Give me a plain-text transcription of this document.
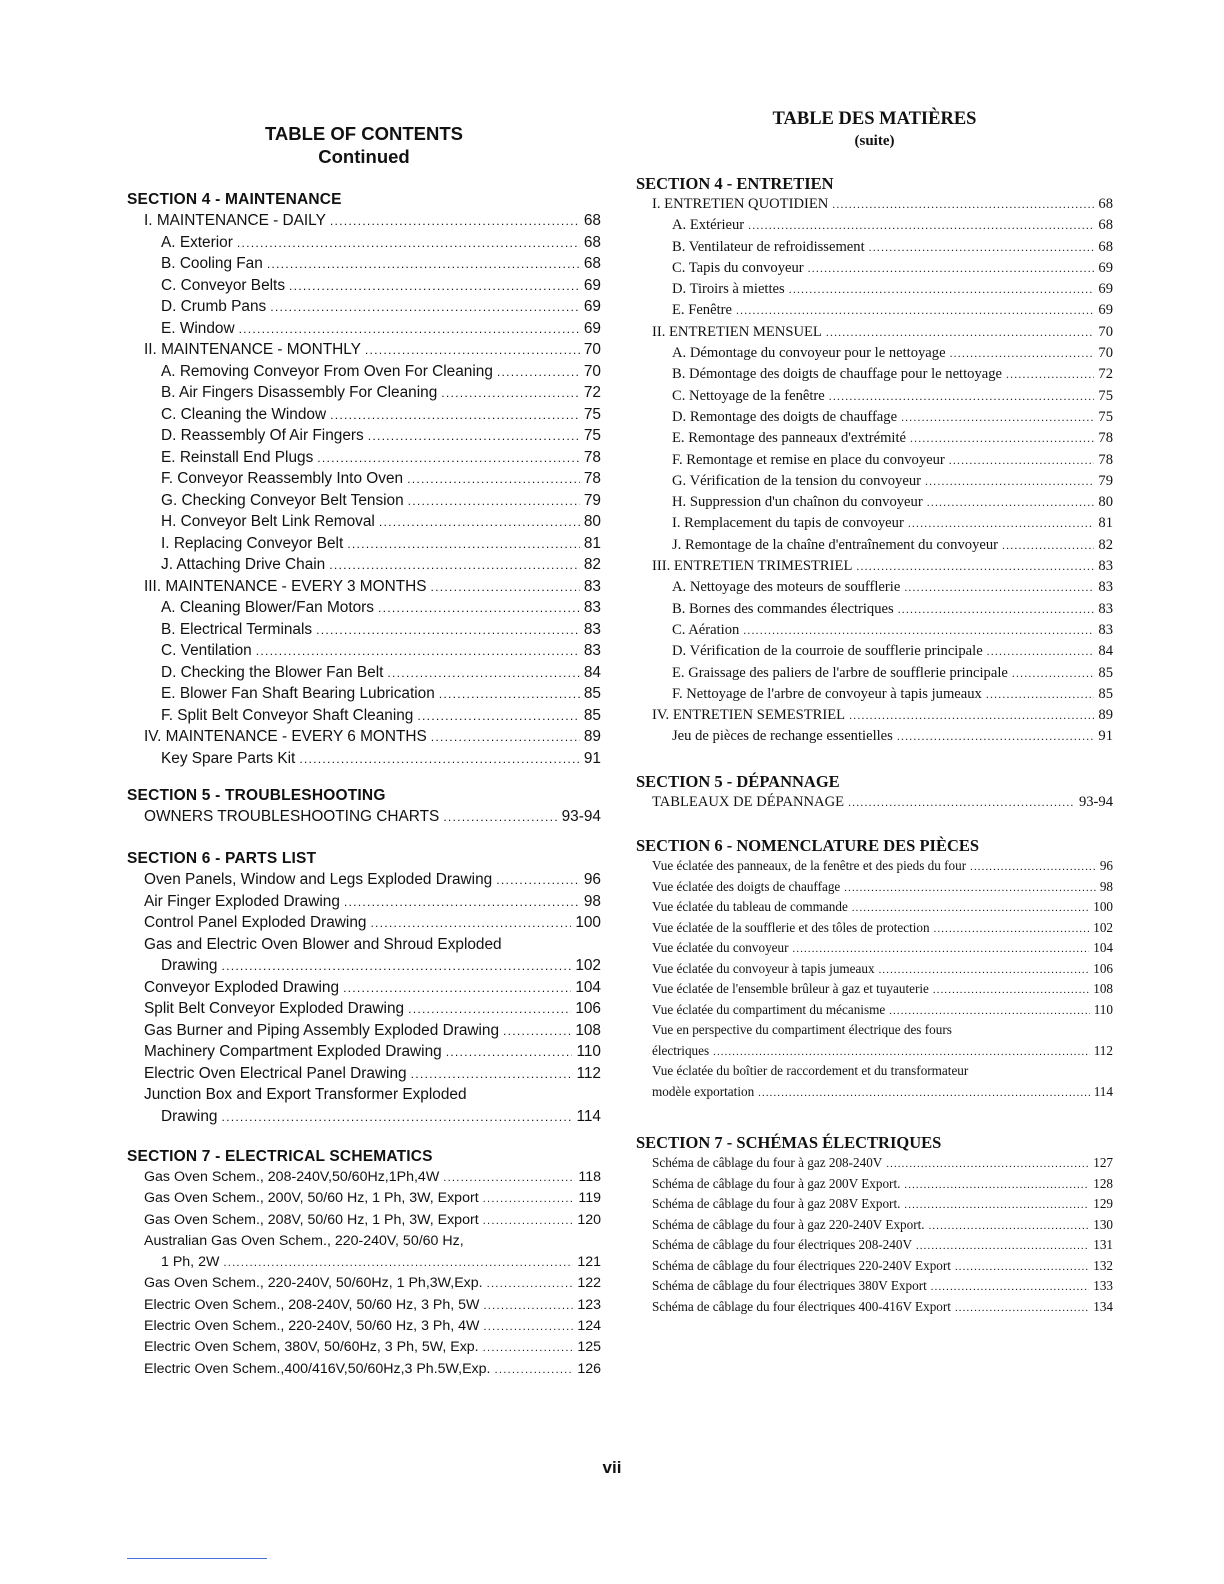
TABLE OF CONTENTS
Continued
SECTION 4 - MAINTENANCE
I. MAINTENANCE - DAILY .....	68
A. Exterior .....	68
B. Cooling Fan .....	68
C. Conveyor Belts .....	69
D. Crumb Pans .....	69
E. Window .....	69
II. MAINTENANCE - MONTHLY .....	70
A. Removing Conveyor From Oven For Cleaning .....	70
B. Air Fingers Disassembly For Cleaning .....	72
C. Cleaning the Window .....	75
D. Reassembly Of Air Fingers .....	75
E. Reinstall End Plugs .....	78
F. Conveyor Reassembly Into Oven .....	78
G. Checking Conveyor Belt Tension .....	79
H. Conveyor Belt Link Removal .....	80
I. Replacing Conveyor Belt .....	81
J. Attaching Drive Chain .....	82
III. MAINTENANCE - EVERY 3 MONTHS .....	83
A. Cleaning Blower/Fan Motors .....	83
B. Electrical Terminals .....	83
C. Ventilation .....	83
D. Checking the Blower Fan Belt .....	84
E. Blower Fan Shaft Bearing Lubrication .....	85
F. Split Belt Conveyor Shaft Cleaning .....	85
IV. MAINTENANCE - EVERY 6 MONTHS .....	89
Key Spare Parts Kit .....	91
SECTION 5 - TROUBLESHOOTING
OWNERS TROUBLESHOOTING CHARTS .....	93-94
SECTION 6 - PARTS LIST
Oven Panels, Window and Legs Exploded Drawing .....	96
Air Finger Exploded Drawing .....	98
Control Panel Exploded Drawing .....	100
Gas and Electric Oven Blower and Shroud Exploded
Drawing .....	102
Conveyor Exploded Drawing .....	104
Split Belt Conveyor Exploded Drawing .....	106
Gas Burner and Piping Assembly Exploded Drawing .....	108
Machinery Compartment Exploded Drawing .....	110
Electric Oven Electrical Panel Drawing .....	112
Junction Box and Export Transformer Exploded
Drawing .....	114
SECTION 7 - ELECTRICAL SCHEMATICS
Gas Oven Schem., 208-240V,50/60Hz,1Ph,4W .....	118
Gas Oven Schem., 200V, 50/60 Hz, 1 Ph, 3W, Export .....	119
Gas Oven Schem., 208V, 50/60 Hz, 1 Ph, 3W, Export .....	120
Australian Gas Oven Schem., 220-240V, 50/60 Hz,
1 Ph, 2W .....	121
Gas Oven Schem., 220-240V, 50/60Hz, 1 Ph,3W,Exp. .....	122
Electric Oven Schem., 208-240V, 50/60 Hz, 3 Ph, 5W .....	123
Electric Oven Schem., 220-240V, 50/60 Hz, 3 Ph, 4W .....	124
Electric Oven Schem, 380V, 50/60Hz, 3 Ph, 5W, Exp. .....	125
Electric Oven Schem.,400/416V,50/60Hz,3 Ph.5W,Exp. .....	126
TABLE DES MATIÈRES
(suite)
SECTION 4 - ENTRETIEN
I. ENTRETIEN QUOTIDIEN .....	68
A. Extérieur .....	68
B. Ventilateur de refroidissement .....	68
C. Tapis du convoyeur .....	69
D. Tiroirs à miettes .....	69
E. Fenêtre .....	69
II. ENTRETIEN MENSUEL .....	70
A. Démontage du convoyeur pour le nettoyage .....	70
B. Démontage des doigts de chauffage pour le nettoyage .....	72
C. Nettoyage de la fenêtre .....	75
D. Remontage des doigts de chauffage .....	75
E. Remontage des panneaux d'extrémité .....	78
F. Remontage et remise en place du convoyeur .....	78
G. Vérification de la tension du convoyeur .....	79
H. Suppression d'un chaînon du convoyeur .....	80
I. Remplacement du tapis de convoyeur .....	81
J. Remontage de la chaîne d'entraînement du convoyeur .....	82
III. ENTRETIEN TRIMESTRIEL .....	83
A. Nettoyage des moteurs de soufflerie .....	83
B. Bornes des commandes électriques .....	83
C. Aération .....	83
D. Vérification de la courroie de soufflerie principale .....	84
E. Graissage des paliers de l'arbre de soufflerie principale .....	85
F. Nettoyage de l'arbre de convoyeur à tapis jumeaux .....	85
IV. ENTRETIEN SEMESTRIEL .....	89
Jeu de pièces de rechange essentielles .....	91
SECTION 5 - DÉPANNAGE
TABLEAUX DE DÉPANNAGE .....	93-94
SECTION 6 - NOMENCLATURE DES PIÈCES
Vue éclatée des panneaux, de la fenêtre et des pieds du four .....	96
Vue éclatée des doigts de chauffage .....	98
Vue éclatée du tableau de commande .....	100
Vue éclatée de la soufflerie et des tôles de protection .....	102
Vue éclatée du convoyeur .....	104
Vue éclatée du convoyeur à tapis jumeaux .....	106
Vue éclatée de l'ensemble brûleur à gaz et tuyauterie .....	108
Vue éclatée du compartiment du mécanisme .....	110
Vue en perspective du compartiment électrique des fours
électriques .....	112
Vue éclatée du boîtier de raccordement et du transformateur
modèle exportation .....	114
SECTION 7 - SCHÉMAS ÉLECTRIQUES
Schéma de câblage du four à gaz 208-240V .....	127
Schéma de câblage du four à gaz 200V Export. .....	128
Schéma de câblage du four à gaz 208V Export. .....	129
Schéma de câblage du four à gaz 220-240V Export. .....	130
Schéma de câblage du four électriques 208-240V .....	131
Schéma de câblage du four électriques 220-240V Export .....	132
Schéma de câblage du four électriques 380V Export .....	133
Schéma de câblage du four électriques 400-416V Export .....	134
vii
